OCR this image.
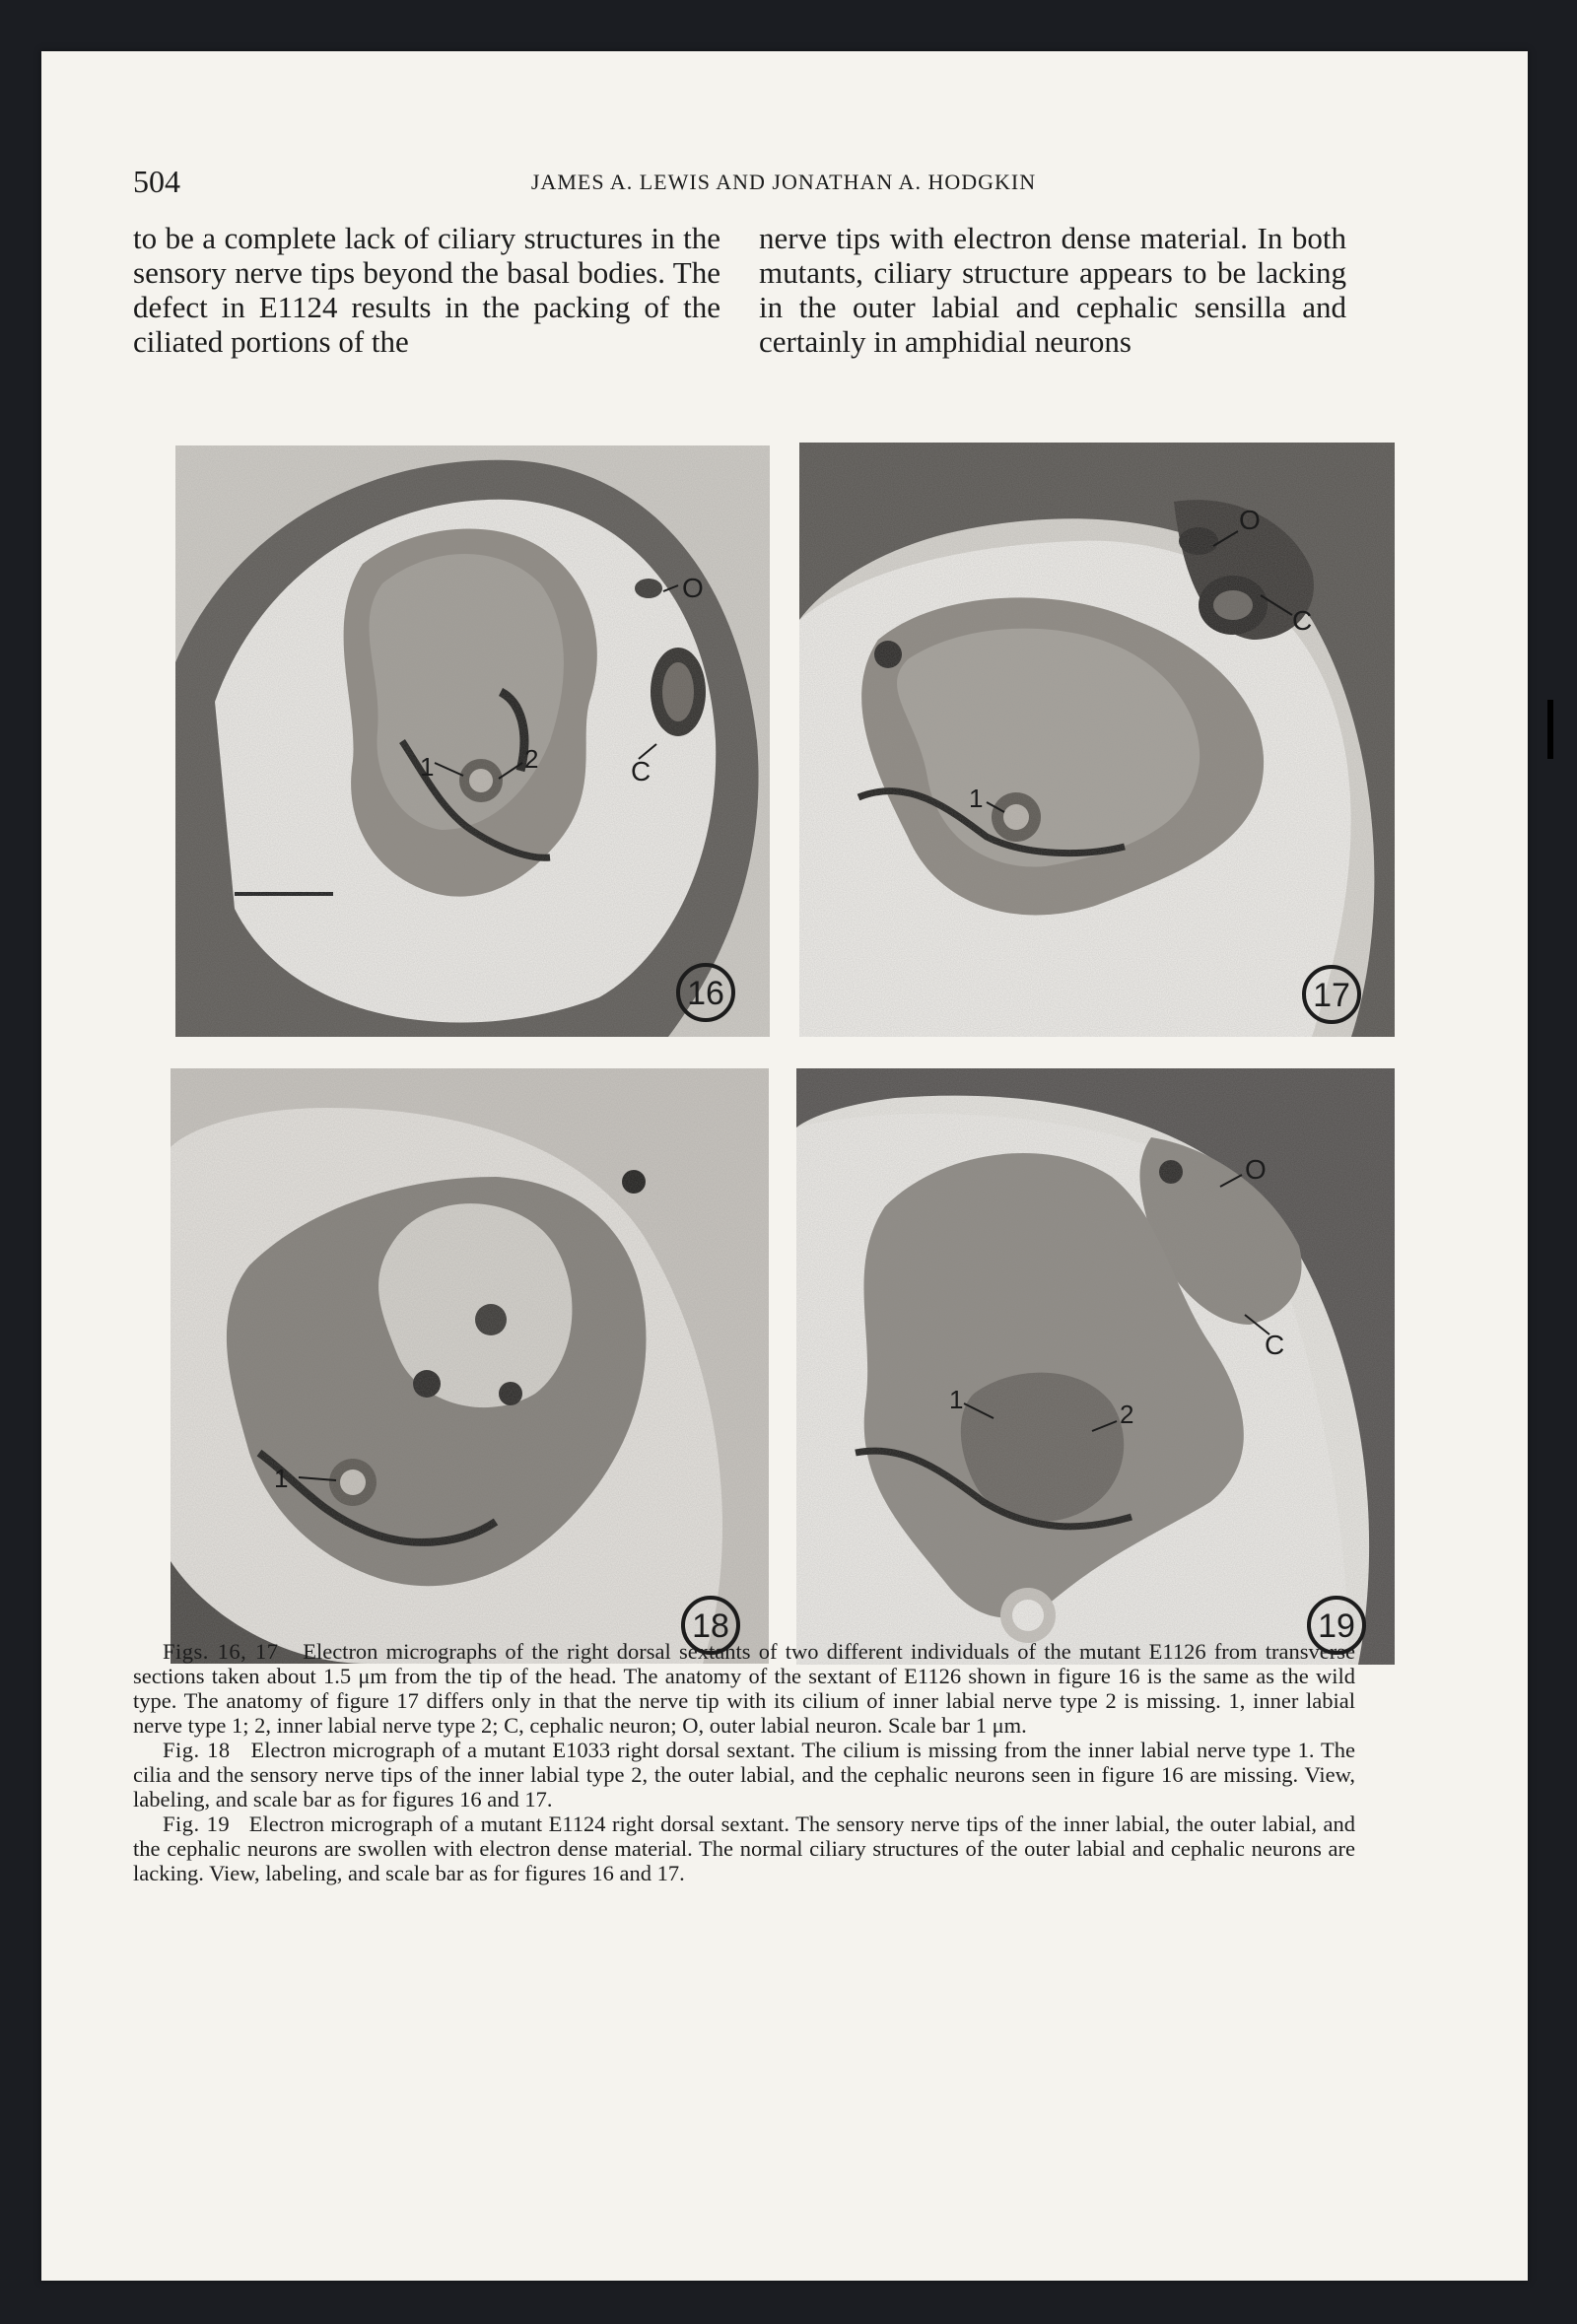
504	JAMES A. LEWIS AND JONATHAN A. HODGKIN

to be a complete lack of ciliary structures in the sensory nerve tips beyond the basal bodies. The defect in E1124 results in the packing of the ciliated portions of the

nerve tips with electron dense material. In both mutants, ciliary structure appears to be lacking in the outer labial and cephalic sensilla and certainly in amphidial neurons

1	2	C
O
16
1
C
O
17
1
18
1	2
C
O
19

Figs. 16, 17 Electron micrographs of the right dorsal sextants of two different individuals of the mutant E1126 from transverse sections taken about 1.5 μm from the tip of the head. The anatomy of the sextant of E1126 shown in figure 16 is the same as the wild type. The anatomy of figure 17 differs only in that the nerve tip with its cilium of inner labial nerve type 2 is missing. 1, inner labial nerve type 1; 2, inner labial nerve type 2; C, cephalic neuron; O, outer labial neuron. Scale bar 1 μm.

Fig. 18 Electron micrograph of a mutant E1033 right dorsal sextant. The cilium is missing from the inner labial nerve type 1. The cilia and the sensory nerve tips of the inner labial type 2, the outer labial, and the cephalic neurons seen in figure 16 are missing. View, labeling, and scale bar as for figures 16 and 17.

Fig. 19 Electron micrograph of a mutant E1124 right dorsal sextant. The sensory nerve tips of the inner labial, the outer labial, and the cephalic neurons are swollen with electron dense material. The normal ciliary structures of the outer labial and cephalic neurons are lacking. View, labeling, and scale bar as for figures 16 and 17.
